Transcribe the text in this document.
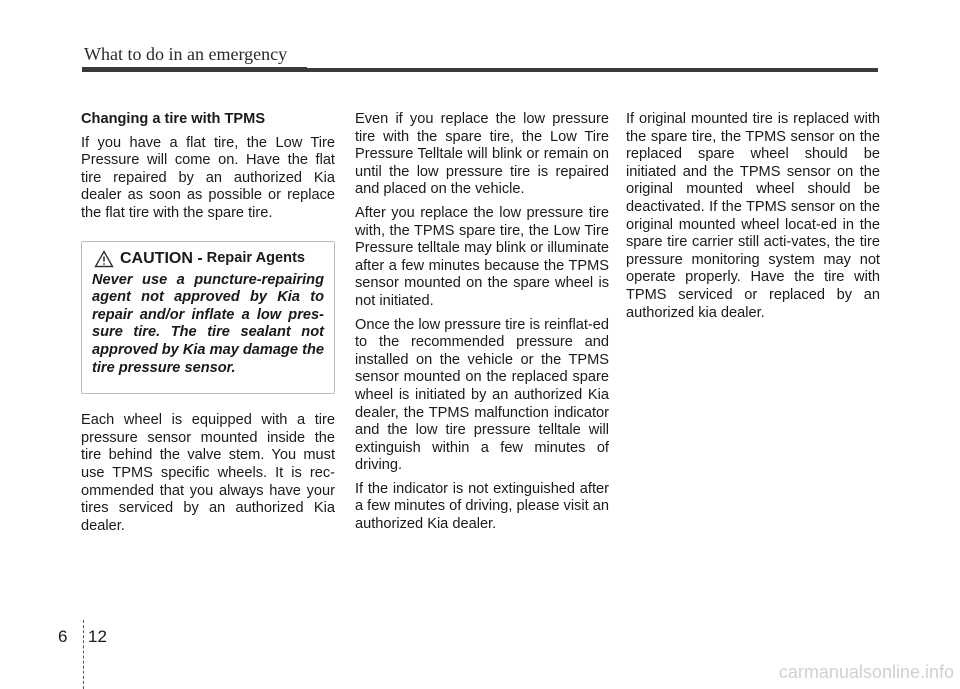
What to do in an emergency
Changing a tire with TPMS

If you have a flat tire, the Low Tire Pressure will come on. Have the flat tire repaired by an authorized Kia dealer as soon as possible or replace the flat tire with the spare tire.

CAUTION - Repair Agents

Never use a puncture-repairing agent not approved by Kia to repair and/or inflate a low pres-sure tire. The tire sealant not approved by Kia may damage the tire pressure sensor.

Each wheel is equipped with a tire pressure sensor mounted inside the tire behind the valve stem. You must use TPMS specific wheels. It is rec-ommended that you always have your tires serviced by an authorized Kia dealer.

Even if you replace the low pressure tire with the spare tire, the Low Tire Pressure Telltale will blink or remain on until the low pressure tire is repaired and placed on the vehicle.

After you replace the low pressure tire with, the TPMS spare tire, the Low Tire Pressure telltale may blink or illuminate after a few minutes because the TPMS sensor mounted on the spare wheel is not initiated.

Once the low pressure tire is reinflat-ed to the recommended pressure and installed on the vehicle or the TPMS sensor mounted on the replaced spare wheel is initiated by an authorized Kia dealer, the TPMS malfunction indicator and the low tire pressure telltale will extinguish within a few minutes of driving.

If the indicator is not extinguished after a few minutes of driving, please visit an authorized Kia dealer.

If original mounted tire is replaced with the spare tire, the TPMS sensor on the replaced spare wheel should be initiated and the TPMS sensor on the original mounted wheel should be deactivated. If the TPMS sensor on the original mounted wheel locat-ed in the spare tire carrier still acti-vates, the tire pressure monitoring system may not operate properly. Have the tire with TPMS serviced or replaced by an authorized kia dealer.

6 12
carmanualsonline.info
